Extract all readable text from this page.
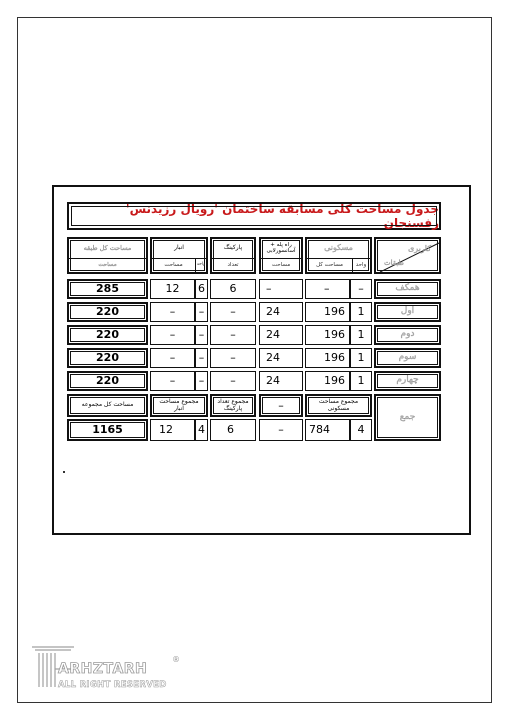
جدول مساحت کلی مسابقه ساختمان 'رویال رزیدنس' رفسنجان
کاربری
طبقات
مسکونی
واحد
مساحت کل
راه پله + آسانسورلابی
مساحت
پارکینگ
تعداد
انبار
واحد
مساحت
مساحت کل طبقه
مساحت
همکف
–
–
–
6
6
12
285
اول
1
196
24
–
–
–
220
دوم
1
196
24
–
–
–
220
سوم
1
196
24
–
–
–
220
چهارم
1
196
24
–
–
–
220
جمع
مجموع مساحت مسکونی
–
مجموع تعداد پارکینگ
مجموع مساحت انبار
مساحت کل مجموعه
4
784
–
6
4
12
1165
ARHZTARH
ALL RIGHT RESERVED
®
